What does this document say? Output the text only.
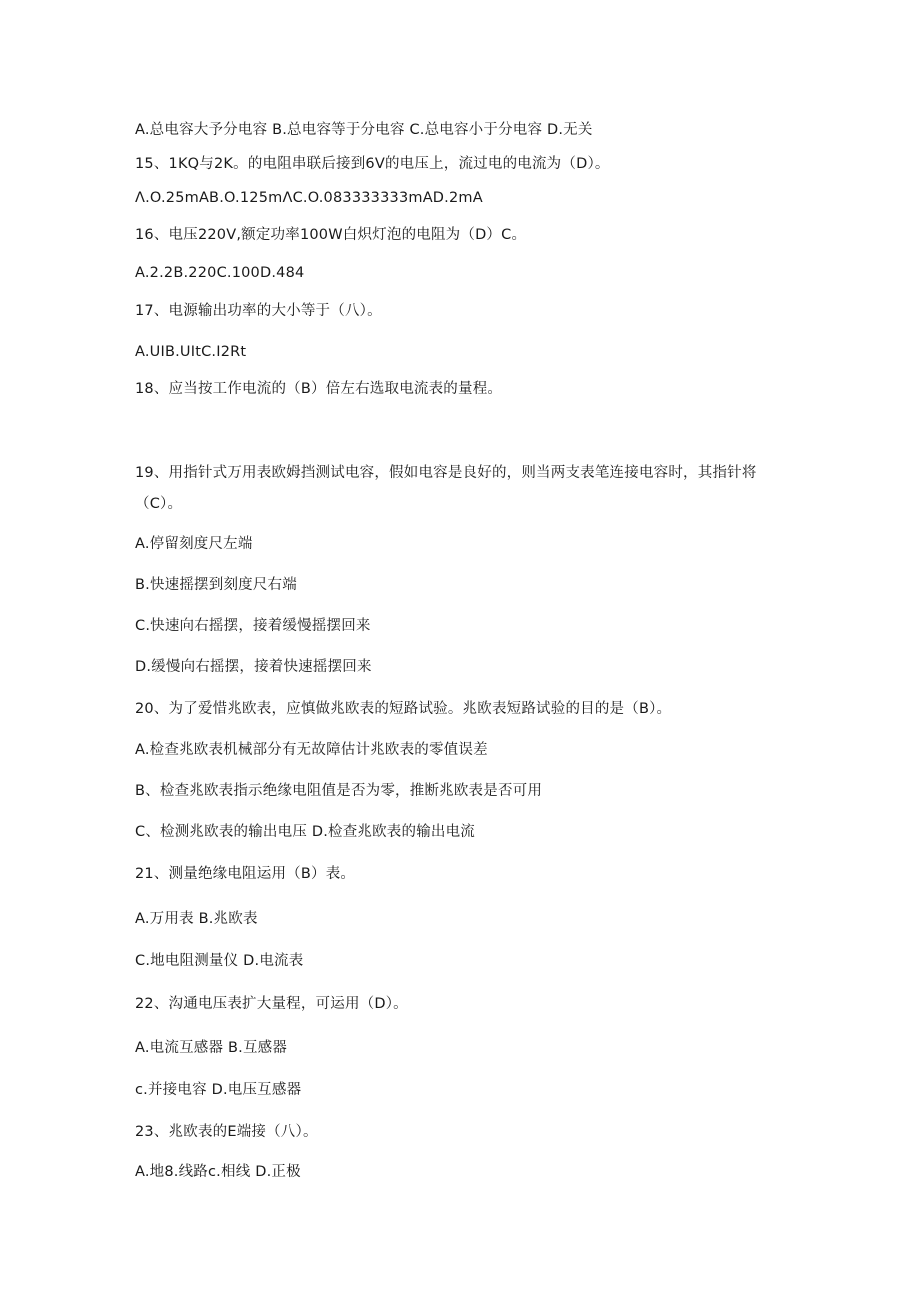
A.总电容大予分电容 B.总电容等于分电容 C.总电容小于分电容 D.无关
15、1KQ与2K。的电阻串联后接到6V的电压上，流过电的电流为（D）。
Λ.O.25mAB.O.125mΛC.O.083333333mAD.2mA
16、电压220V,额定功率100W白炽灯泡的电阻为（D）C。
A.2.2B.220C.100D.484
17、电源输出功率的大小等于（八）。
A.UIB.UItC.I2Rt
18、应当按工作电流的（B）倍左右选取电流表的量程。
19、用指针式万用表欧姆挡测试电容，假如电容是良好的，则当两支表笔连接电容时，其指针将（C）。
A.停留刻度尺左端
B.快速摇摆到刻度尺右端
C.快速向右摇摆，接着缓慢摇摆回来
D.缓慢向右摇摆，接着快速摇摆回来
20、为了爱惜兆欧表，应慎做兆欧表的短路试验。兆欧表短路试验的目的是（B）。
A.检查兆欧表机械部分有无故障估计兆欧表的零值误差
B、检查兆欧表指示绝缘电阻值是否为零，推断兆欧表是否可用
C、检测兆欧表的输出电压 D.检查兆欧表的输出电流
21、测量绝缘电阻运用（B）表。
A.万用表 B.兆欧表
C.地电阻测量仪 D.电流表
22、沟通电压表扩大量程，可运用（D）。
A.电流互感器 B.互感器
c.并接电容 D.电压互感器
23、兆欧表的E端接（八）。
A.地8.线路c.相线 D.正极
